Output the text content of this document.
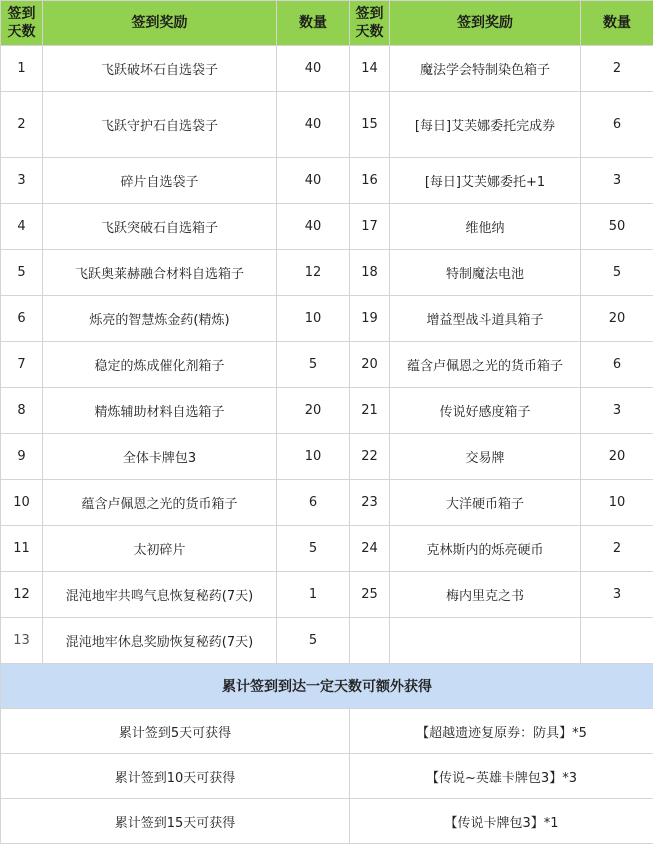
签到天数	签到奖励	数量	签到天数	签到奖励	数量
1	飞跃破坏石自选袋子	40	14	魔法学会特制染色箱子	2
2	飞跃守护石自选袋子	40	15	[每日]艾芙娜委托完成券	6
3	碎片自选袋子	40	16	[每日]艾芙娜委托+1	3
4	飞跃突破石自选箱子	40	17	维他纳	50
5	飞跃奥莱赫融合材料自选箱子	12	18	特制魔法电池	5
6	烁亮的智慧炼金药(精炼)	10	19	增益型战斗道具箱子	20
7	稳定的炼成催化剂箱子	5	20	蕴含卢佩恩之光的货币箱子	6
8	精炼辅助材料自选箱子	20	21	传说好感度箱子	3
9	全体卡牌包3	10	22	交易牌	20
10	蕴含卢佩恩之光的货币箱子	6	23	大洋硬币箱子	10
11	太初碎片	5	24	克林斯内的烁亮硬币	2
12	混沌地牢共鸣气息恢复秘药(7天)	1	25	梅内里克之书	3
13	混沌地牢休息奖励恢复秘药(7天)	5			
累计签到到达一定天数可额外获得					
累计签到5天可获得			【超越遗迹复原券：防具】*5		
累计签到10天可获得			【传说~英雄卡牌包3】*3		
累计签到15天可获得			【传说卡牌包3】*1		
